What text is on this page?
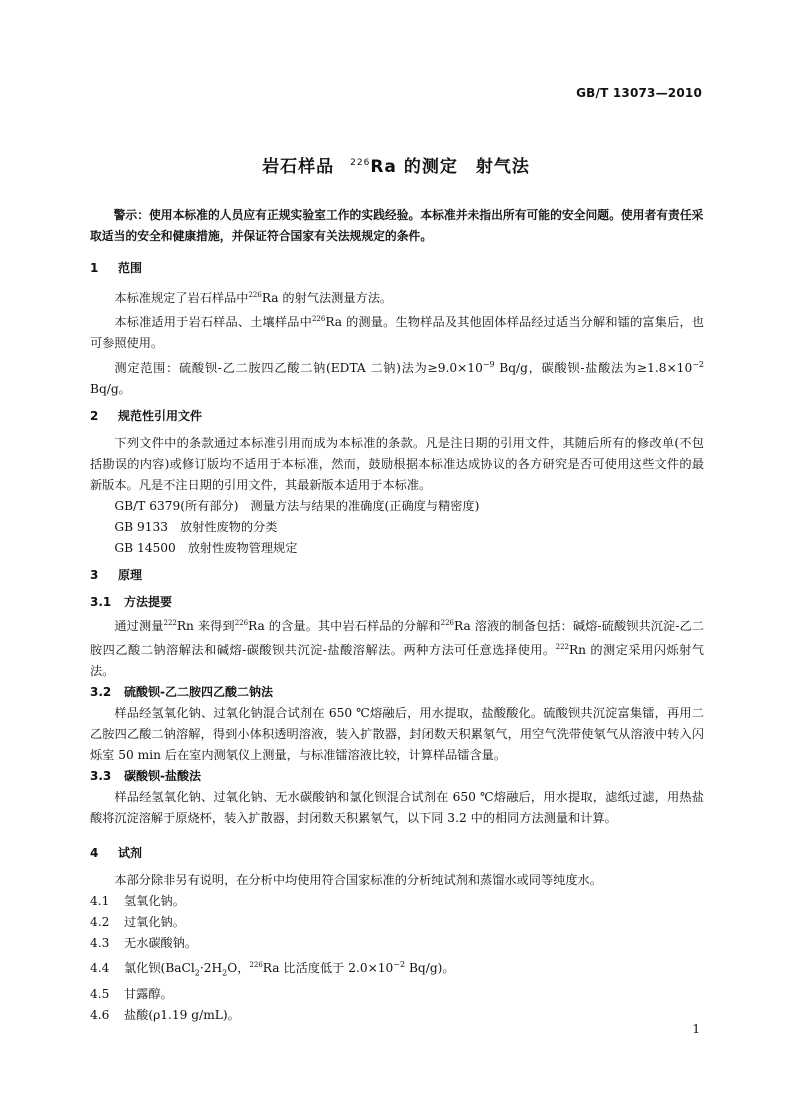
GB/T 13073—2010
岩石样品 $^{226}$Ra 的测定　射气法

警示：使用本标准的人员应有正规实验室工作的实践经验。本标准并未指出所有可能的安全问题。使用者有责任采取适当的安全和健康措施，并保证符合国家有关法规规定的条件。

1 范围

本标准规定了岩石样品中$^{226}$Ra 的射气法测量方法。

本标准适用于岩石样品、土壤样品中$^{226}$Ra 的测量。生物样品及其他固体样品经过适当分解和镭的富集后，也可参照使用。

测定范围：硫酸钡-乙二胺四乙酸二钠(EDTA 二钠)法为$\ge 9.0\times 10^{-9}$ Bq/g，碳酸钡-盐酸法为$\ge 1.8\times 10^{-2}$ Bq/g。

2 规范性引用文件

下列文件中的条款通过本标准引用而成为本标准的条款。凡是注日期的引用文件，其随后所有的修改单(不包括勘误的内容)或修订版均不适用于本标准，然而，鼓励根据本标准达成协议的各方研究是否可使用这些文件的最新版本。凡是不注日期的引用文件，其最新版本适用于本标准。

GB/T 6379(所有部分) 测量方法与结果的准确度(正确度与精密度)

GB 9133 放射性废物的分类

GB 14500 放射性废物管理规定

3 原理
3.1 方法提要

通过测量$^{222}$Rn 来得到$^{226}$Ra 的含量。其中岩石样品的分解和$^{226}$Ra 溶液的制备包括：碱熔-硫酸钡共沉淀-乙二胺四乙酸二钠溶解法和碱熔-碳酸钡共沉淀-盐酸溶解法。两种方法可任意选择使用。$^{222}$Rn 的测定采用闪烁射气法。

3.2 硫酸钡-乙二胺四乙酸二钠法

样品经氢氧化钠、过氧化钠混合试剂在 650 ℃熔融后，用水提取，盐酸酸化。硫酸钡共沉淀富集镭，再用二乙胺四乙酸二钠溶解，得到小体积透明溶液，装入扩散器，封闭数天积累氡气，用空气洗带使氡气从溶液中转入闪烁室 50 min 后在室内测氡仪上测量，与标准镭溶液比较，计算样品镭含量。

3.3 碳酸钡-盐酸法

样品经氢氧化钠、过氧化钠、无水碳酸钠和氯化钡混合试剂在 650 ℃熔融后，用水提取，滤纸过滤，用热盐酸将沉淀溶解于原烧杯，装入扩散器，封闭数天积累氡气，以下同 3.2 中的相同方法测量和计算。

4 试剂

本部分除非另有说明，在分析中均使用符合国家标准的分析纯试剂和蒸馏水或同等纯度水。

4.1 氢氧化钠。

4.2 过氧化钠。

4.3 无水碳酸钠。

4.4 氯化钡($BaCl_2\cdot 2H_2O$，$^{226}$Ra 比活度低于 $2.0\times 10^{-2}$ Bq/g)。

4.5 甘露醇。

4.6 盐酸(ρ1.19 g/mL)。

1
